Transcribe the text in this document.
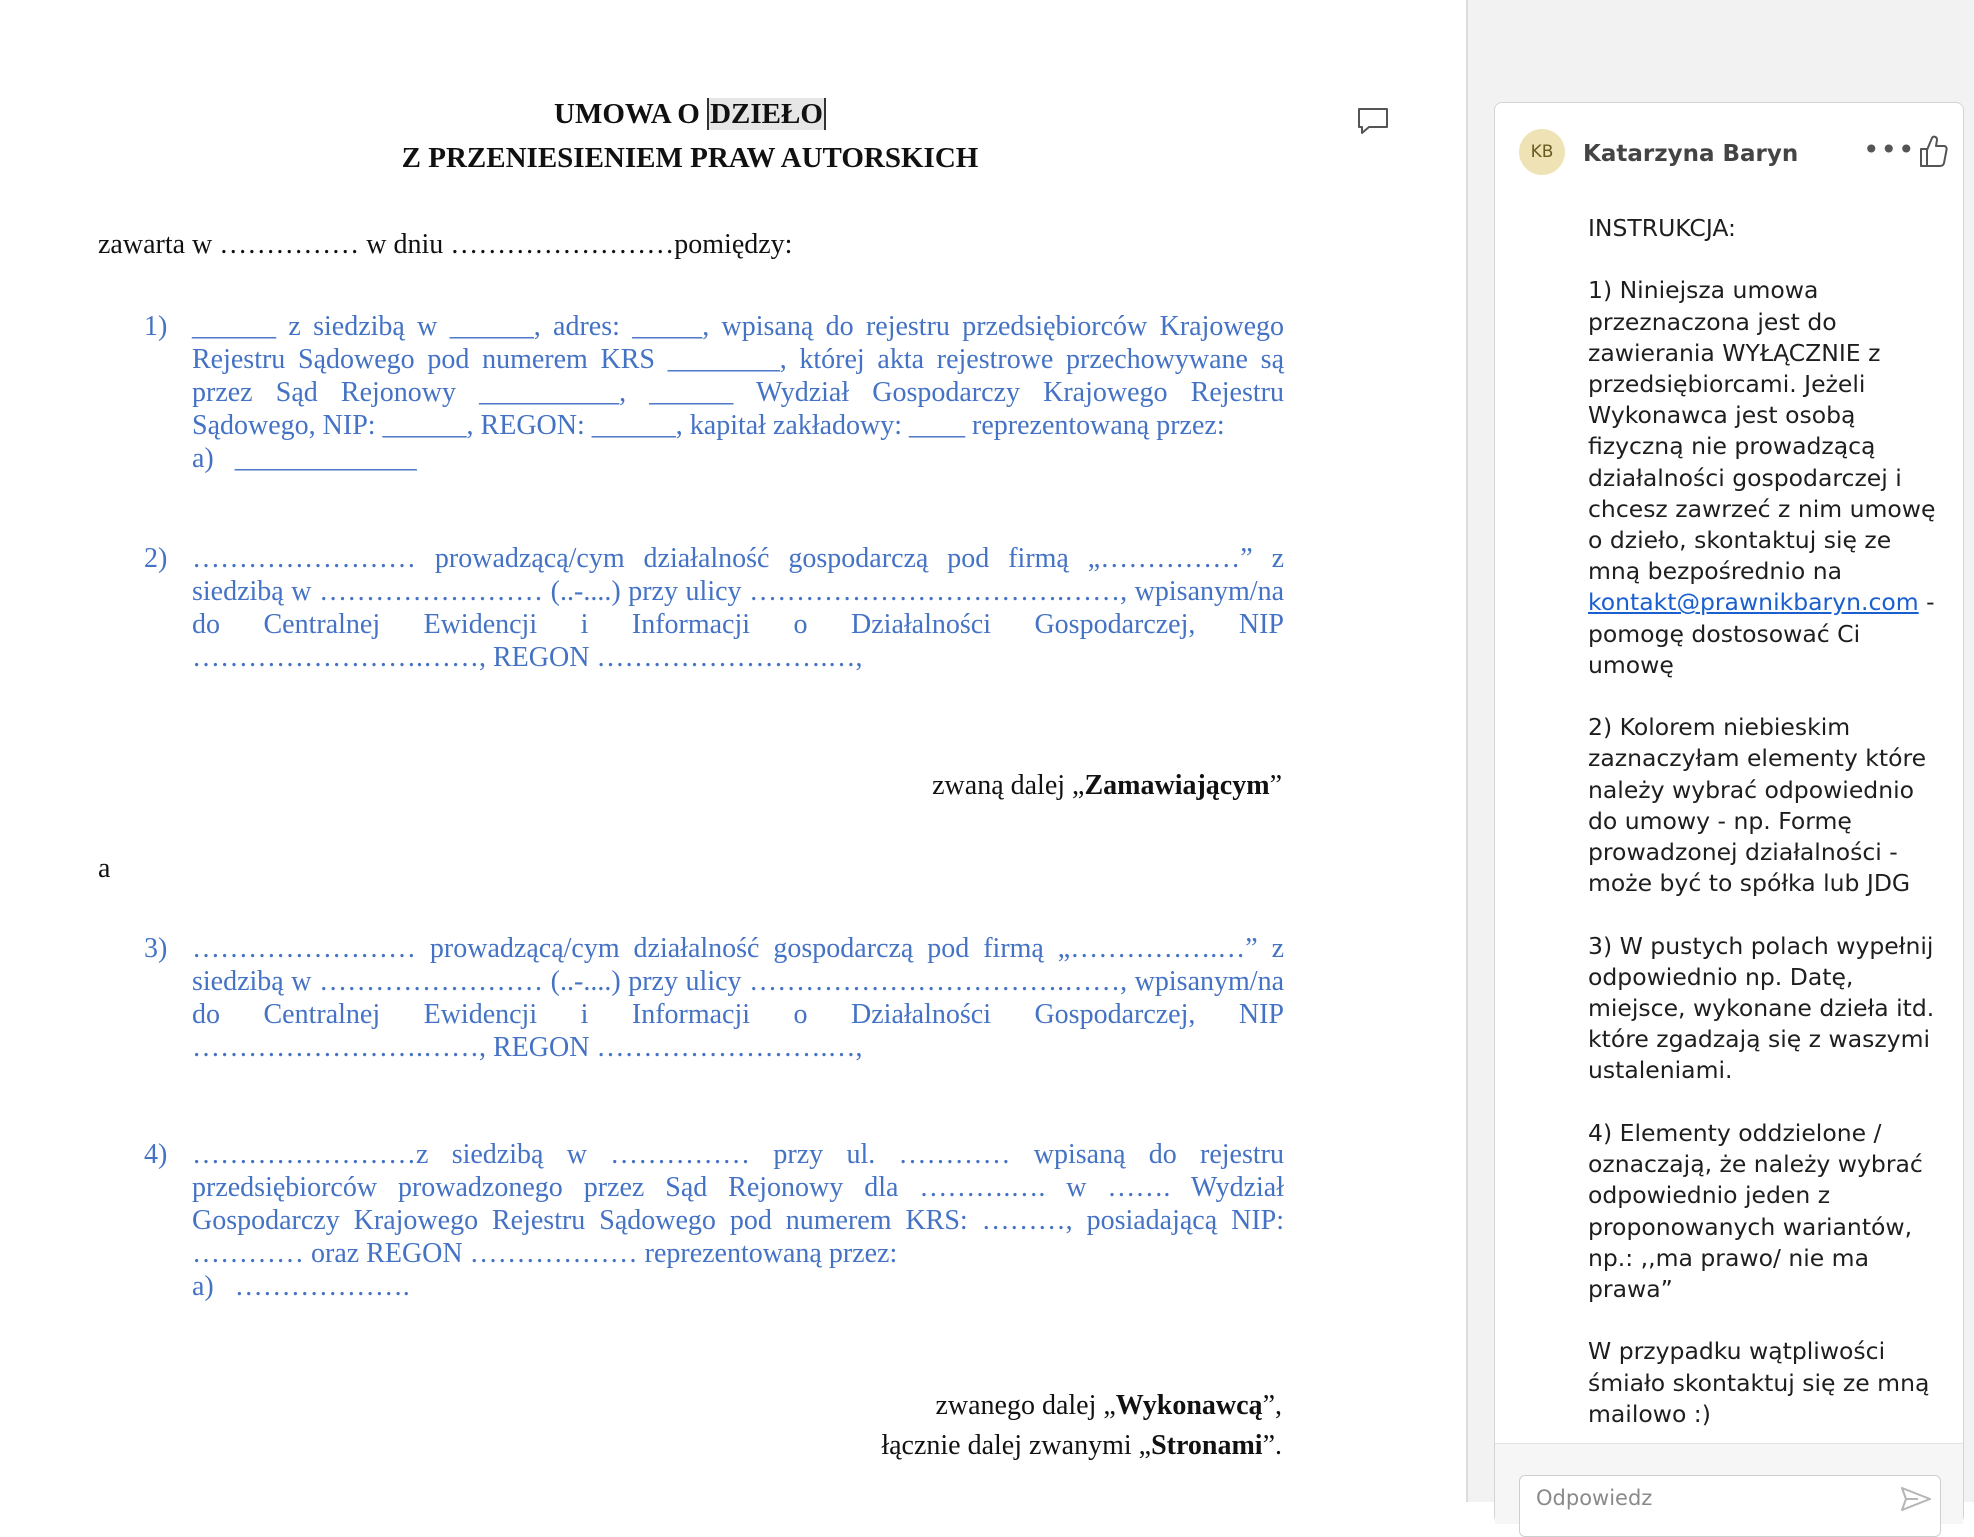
UMOWA O DZIEŁO
Z PRZENIESIENIEM PRAW AUTORSKICH
zawarta w …………… w dniu ……………………pomiędzy:
1) ______ z siedzibą w ______, adres: _____, wpisaną do rejestru przedsiębiorców Krajowego Rejestru Sądowego pod numerem KRS ________, której akta rejestrowe przechowywane są przez Sąd Rejonowy __________, ______ Wydział Gospodarczy Krajowego Rejestru Sądowego, NIP: ______, REGON: ______, kapitał zakładowy: ____ reprezentowaną przez:
a) _____________
2) …………………… prowadzącą/cym działalność gospodarczą pod firmą „……………” z siedzibą w …………………… (..-....) przy ulicy …………………………….……, wpisanym/na do Centralnej Ewidencji i Informacji o Działalności Gospodarczej, NIP …………………….……, REGON …………………….…,
zwaną dalej „Zamawiającym”
a
3) …………………… prowadzącą/cym działalność gospodarczą pod firmą „…………….…” z siedzibą w …………………… (..-....) przy ulicy …………………………….……, wpisanym/na do Centralnej Ewidencji i Informacji o Działalności Gospodarczej, NIP …………………….……, REGON …………………….…,
4) ……………………z siedzibą w …………… przy ul. ………… wpisaną do rejestru przedsiębiorców prowadzonego przez Sąd Rejonowy dla ……….…. w ……. Wydział Gospodarczy Krajowego Rejestru Sądowego pod numerem KRS: ………, posiadającą NIP: ………… oraz REGON ……………… reprezentowaną przez:
a) ……………….
zwanego dalej „Wykonawcą”,
łącznie dalej zwanymi „Stronami”.
KB	Katarzyna Baryn •••
INSTRUKCJA:

1) Niniejsza umowa przeznaczona jest do zawierania WYŁĄCZNIE z przedsiębiorcami. Jeżeli Wykonawca jest osobą fizyczną nie prowadzącą działalności gospodarczej i chcesz zawrzeć z nim umowę o dzieło, skontaktuj się ze mną bezpośrednio na kontakt@prawnikbaryn.com - pomogę dostosować Ci umowę

2) Kolorem niebieskim zaznaczyłam elementy które należy wybrać odpowiednio do umowy - np. Formę prowadzonej działalności - może być to spółka lub JDG

3) W pustych polach wypełnij odpowiednio np. Datę, miejsce, wykonane dzieła itd. które zgadzają się z waszymi ustaleniami.

4) Elementy oddzielone / oznaczają, że należy wybrać odpowiednio jeden z proponowanych wariantów, np.: ,,ma prawo/ nie ma prawa”

W przypadku wątpliwości śmiało skontaktuj się ze mną mailowo :)
Odpowiedz
